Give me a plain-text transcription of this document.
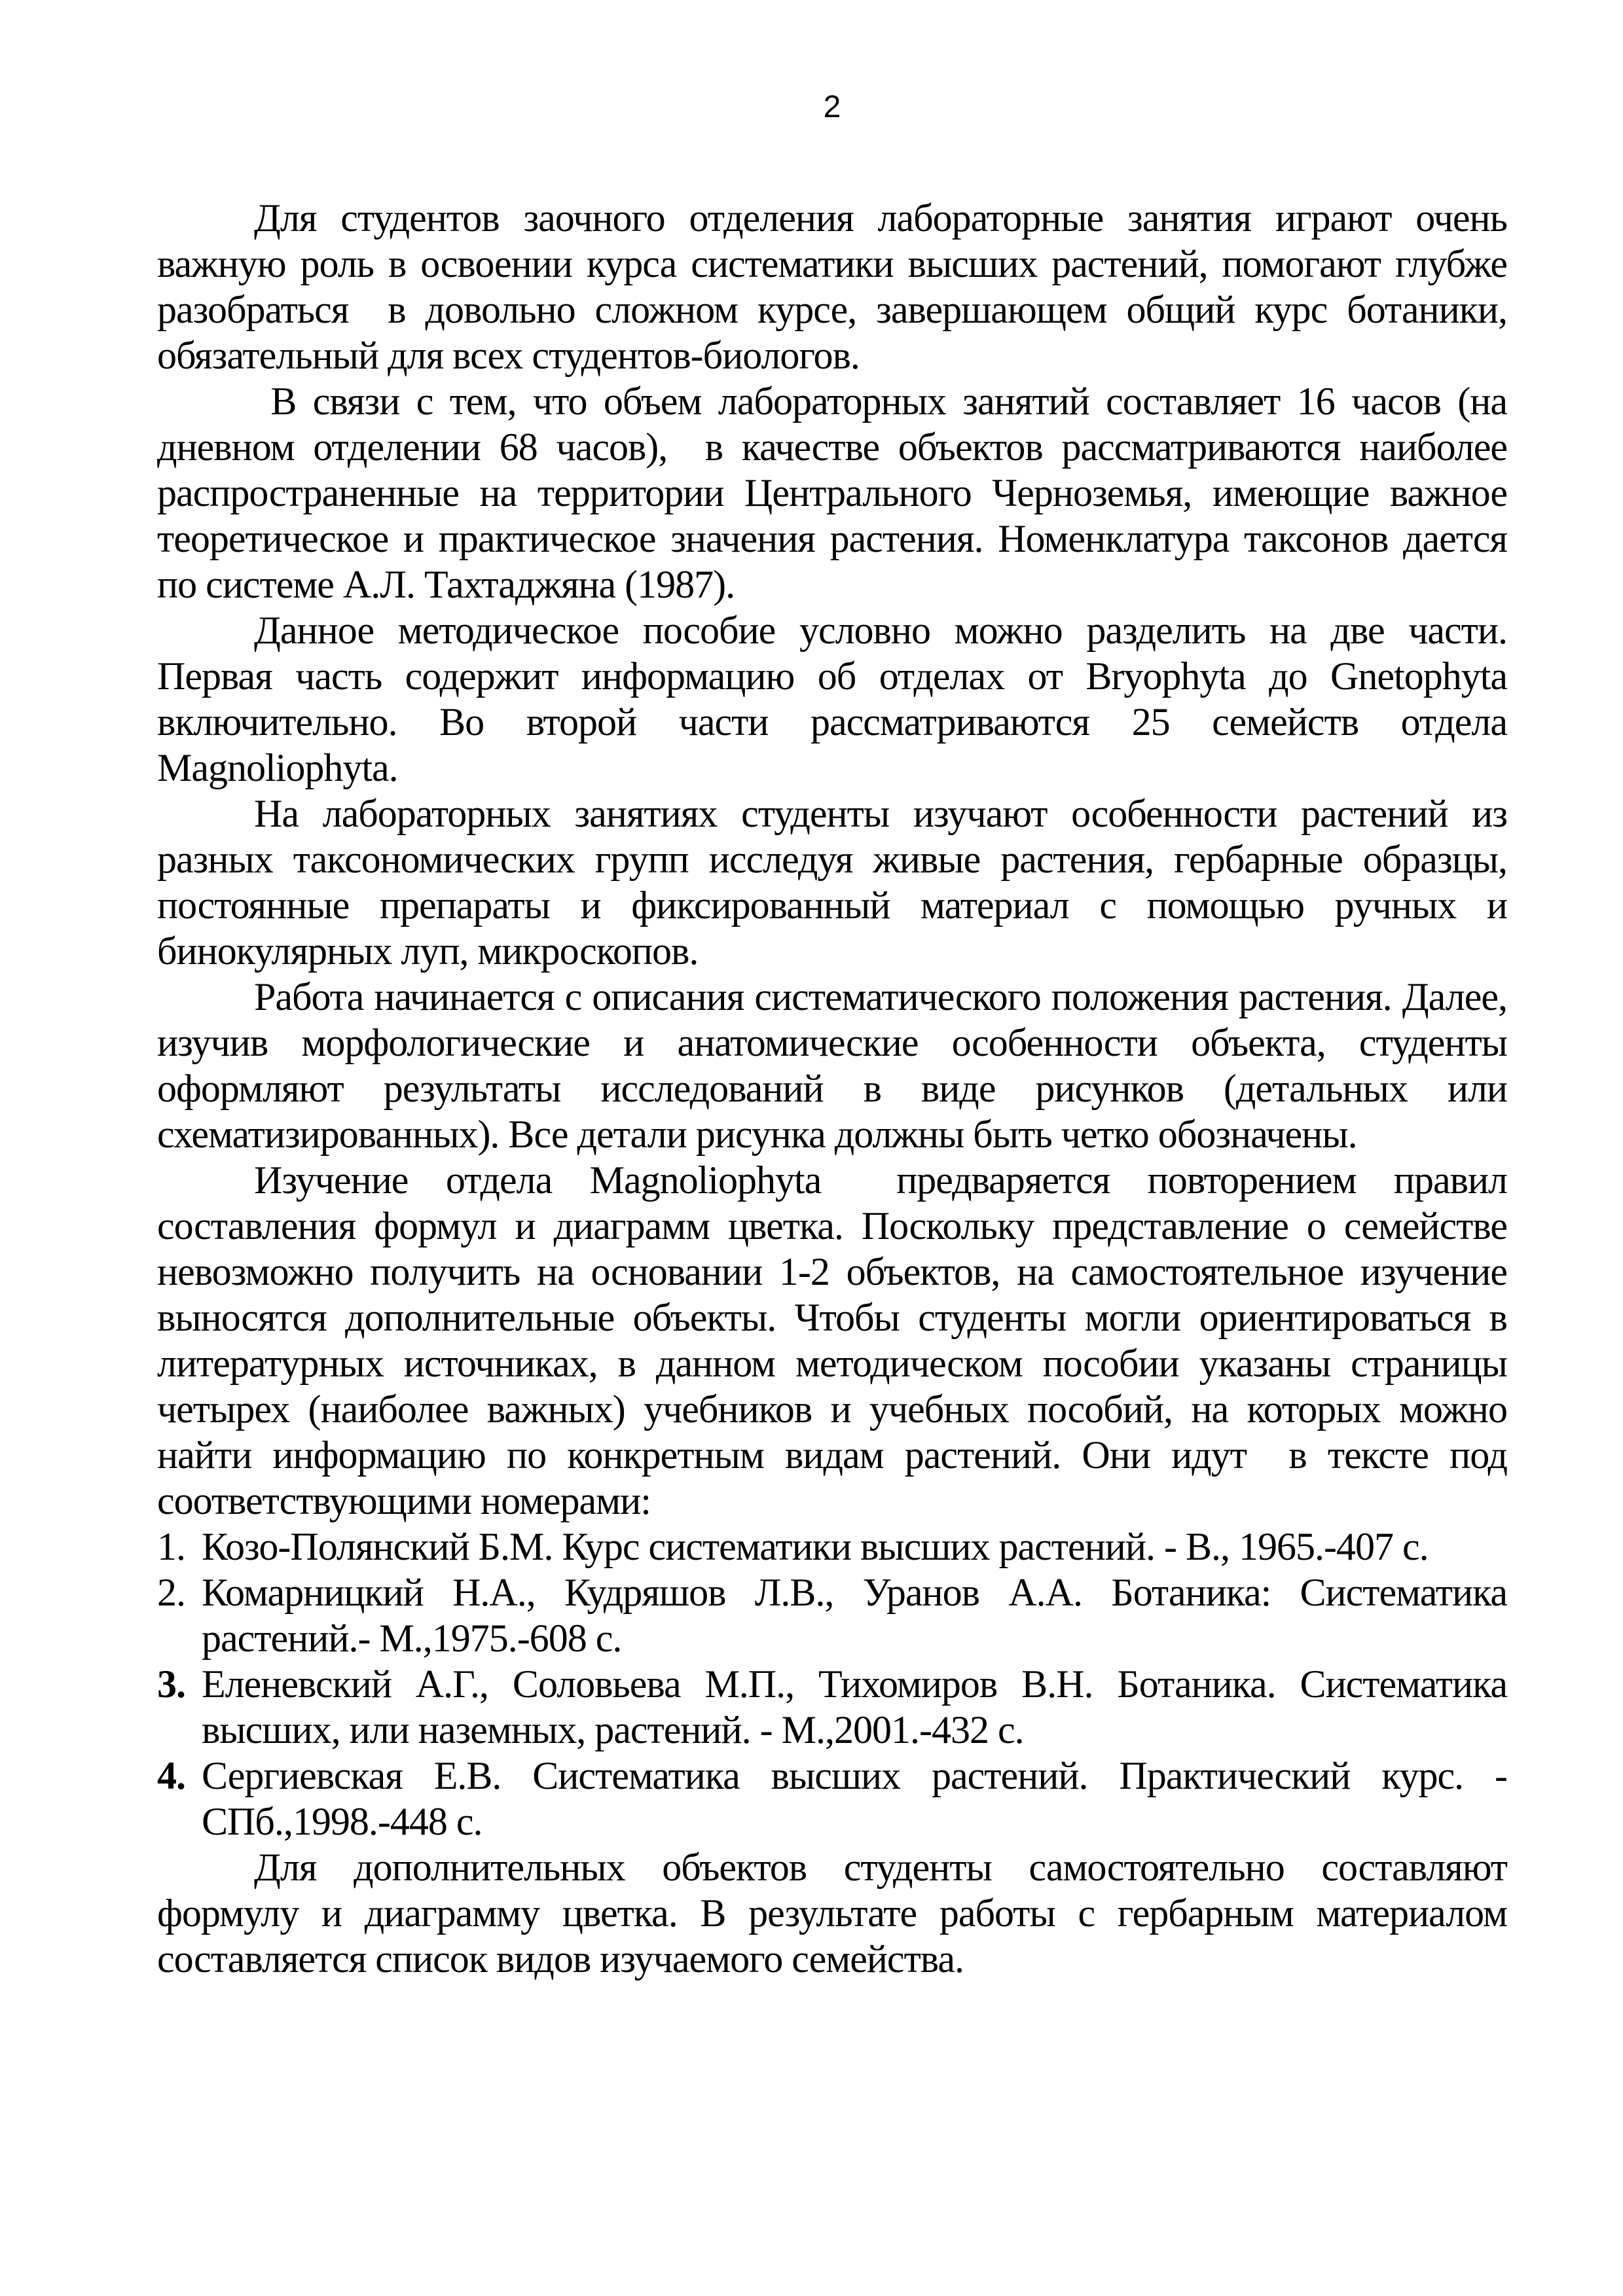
2

Для студентов заочного отделения лабораторные занятия играют очень важную роль в освоении курса систематики высших растений, помогают глубже разобраться  в довольно сложном курсе, завершающем общий курс ботаники, обязательный для всех студентов-биологов.

В связи с тем, что объем лабораторных занятий составляет 16 часов (на дневном отделении 68 часов),  в качестве объектов рассматриваются наиболее распространенные на территории Центрального Черноземья, имеющие важное теоретическое и практическое значения растения. Номенклатура таксонов дается по системе А.Л. Тахтаджяна (1987).

Данное методическое пособие условно можно разделить на две части. Первая часть содержит информацию об отделах от Bryophyta до Gnetophyta включительно. Во второй части рассматриваются 25 семейств отдела Magnoliophyta.

На лабораторных занятиях студенты изучают особенности растений из разных таксономических групп исследуя живые растения, гербарные образцы, постоянные препараты и фиксированный материал с помощью ручных и бинокулярных луп, микроскопов.

Работа начинается с описания систематического положения растения. Далее, изучив морфологические и анатомические особенности объекта, студенты оформляют результаты исследований в виде рисунков (детальных или схематизированных). Все детали рисунка должны быть четко обозначены.

Изучение отдела Magnoliophyta  предваряется повторением правил составления формул и диаграмм цветка. Поскольку представление о семействе невозможно получить на основании 1-2 объектов, на самостоятельное изучение выносятся дополнительные объекты. Чтобы студенты могли ориентироваться в литературных источниках, в данном методическом пособии указаны страницы четырех (наиболее важных) учебников и учебных пособий, на которых можно найти информацию по конкретным видам растений. Они идут  в тексте под соответствующими номерами:

1. Козо-Полянский Б.М. Курс систематики высших растений. - В., 1965.-407 с.
2. Комарницкий Н.А., Кудряшов Л.В., Уранов А.А. Ботаника: Систематика растений.- М.,1975.-608 с.
3. Еленевский А.Г., Соловьева М.П., Тихомиров В.Н. Ботаника. Систематика высших, или наземных, растений. - М.,2001.-432 с.
4. Сергиевская Е.В. Систематика высших растений. Практический курс. - СПб.,1998.-448 с.

Для дополнительных объектов студенты самостоятельно составляют формулу и диаграмму цветка. В результате работы с гербарным материалом составляется список видов изучаемого семейства.
